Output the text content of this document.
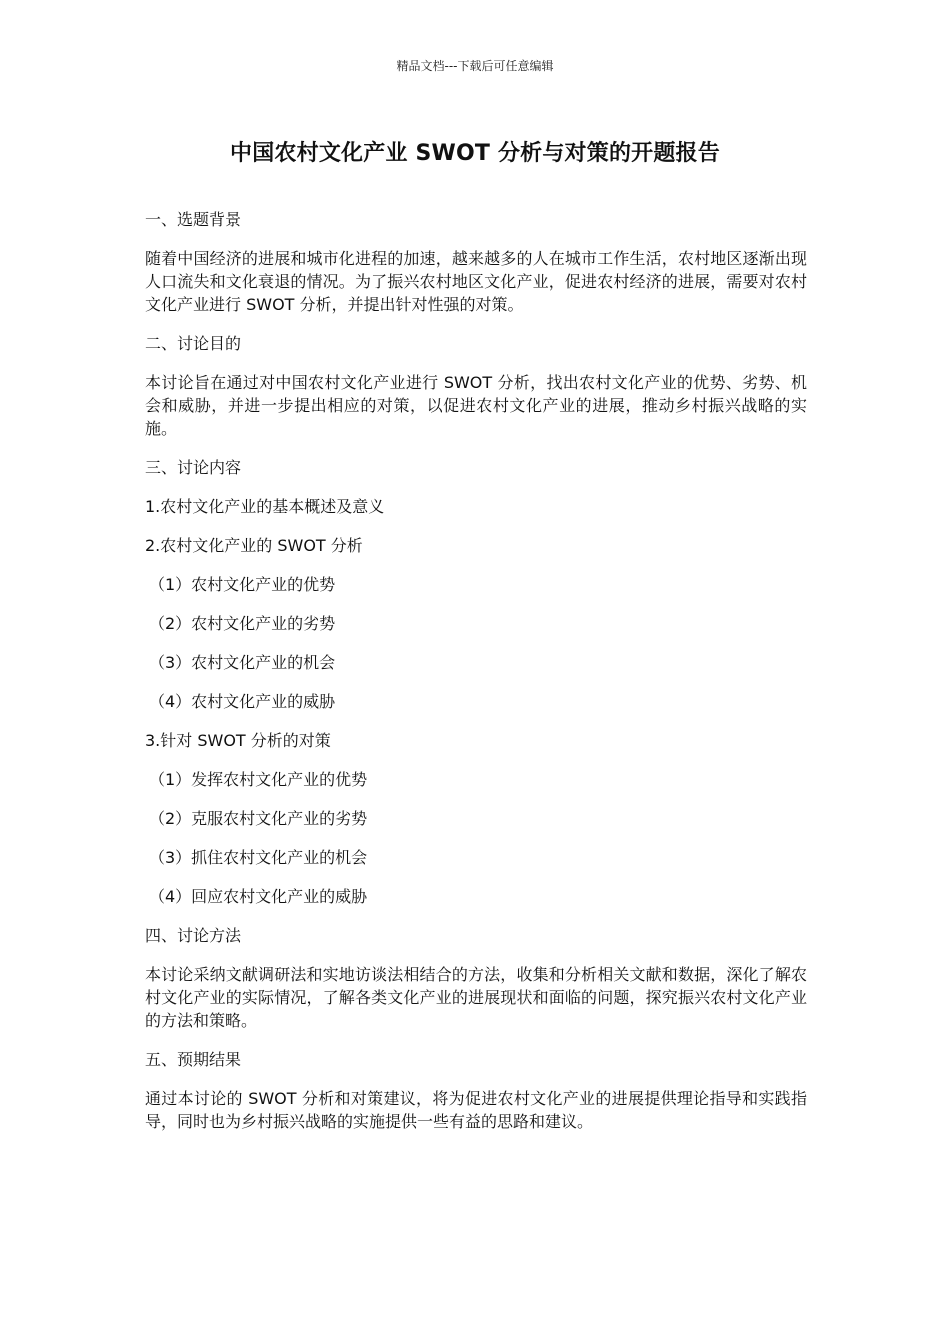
精品文档---下载后可任意编辑
中国农村文化产业 SWOT 分析与对策的开题报告

一、选题背景

随着中国经济的进展和城市化进程的加速，越来越多的人在城市工作生活，农村地区逐渐出现人口流失和文化衰退的情况。为了振兴农村地区文化产业，促进农村经济的进展，需要对农村文化产业进行 SWOT 分析，并提出针对性强的对策。

二、讨论目的

本讨论旨在通过对中国农村文化产业进行 SWOT 分析，找出农村文化产业的优势、劣势、机会和威胁，并进一步提出相应的对策，以促进农村文化产业的进展，推动乡村振兴战略的实施。

三、讨论内容

1.农村文化产业的基本概述及意义

2.农村文化产业的 SWOT 分析

（1）农村文化产业的优势

（2）农村文化产业的劣势

（3）农村文化产业的机会

（4）农村文化产业的威胁

3.针对 SWOT 分析的对策

（1）发挥农村文化产业的优势

（2）克服农村文化产业的劣势

（3）抓住农村文化产业的机会

（4）回应农村文化产业的威胁

四、讨论方法

本讨论采纳文献调研法和实地访谈法相结合的方法，收集和分析相关文献和数据，深化了解农村文化产业的实际情况，了解各类文化产业的进展现状和面临的问题，探究振兴农村文化产业的方法和策略。

五、预期结果

通过本讨论的 SWOT 分析和对策建议，将为促进农村文化产业的进展提供理论指导和实践指导，同时也为乡村振兴战略的实施提供一些有益的思路和建议。
